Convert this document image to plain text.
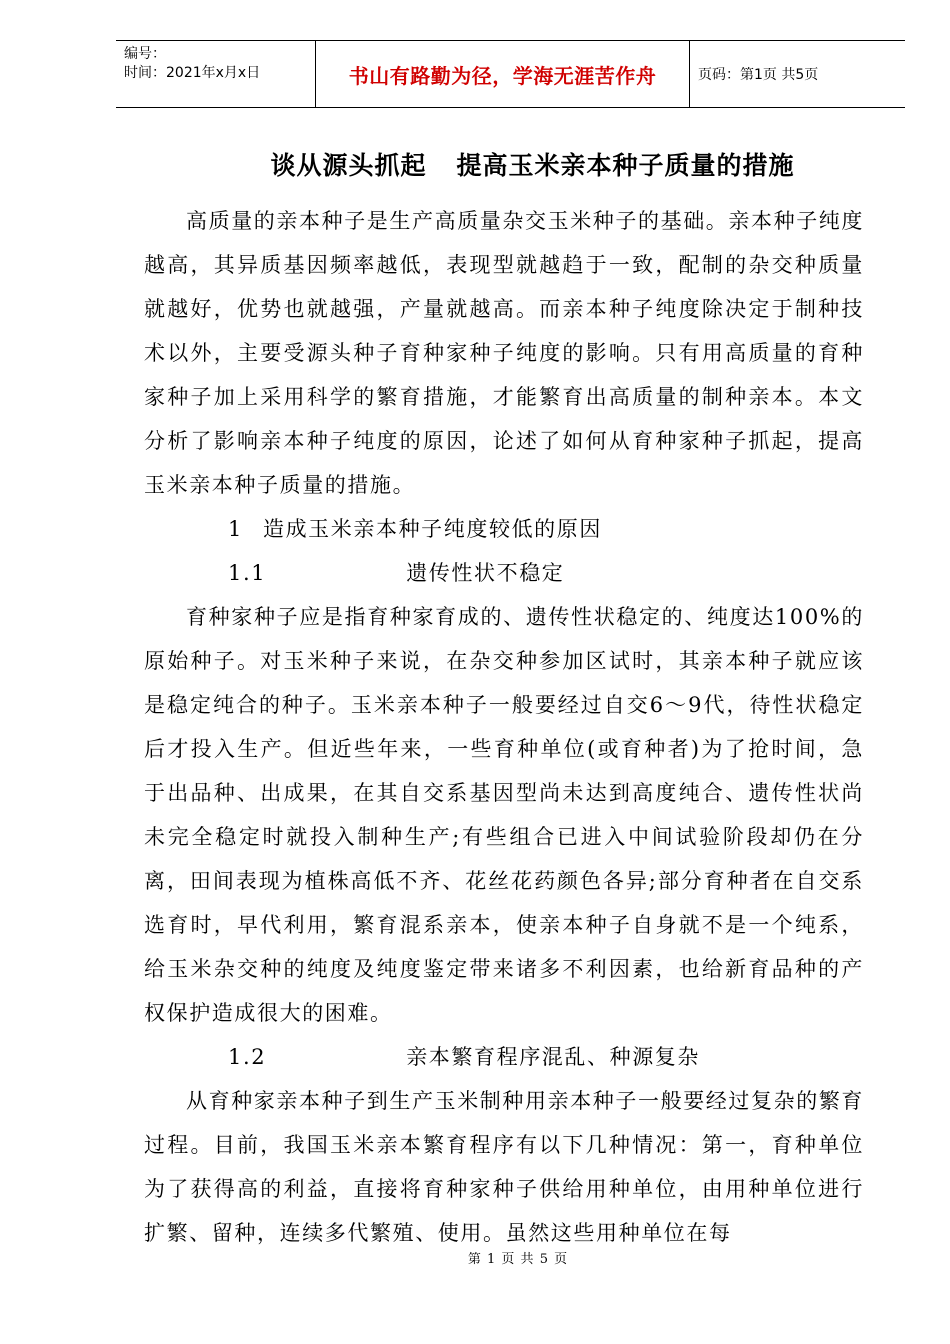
编号：
时间：2021年x月x日	书山有路勤为径，学海无涯苦作舟	页码：第1页 共5页
谈从源头抓起 提高玉米亲本种子质量的措施

高质量的亲本种子是生产高质量杂交玉米种子的基础。亲本种子纯度越高，其异质基因频率越低，表现型就越趋于一致，配制的杂交种质量就越好，优势也就越强，产量就越高。而亲本种子纯度除决定于制种技术以外，主要受源头种子育种家种子纯度的影响。只有用高质量的育种家种子加上采用科学的繁育措施，才能繁育出高质量的制种亲本。本文分析了影响亲本种子纯度的原因，论述了如何从育种家种子抓起，提高玉米亲本种子质量的措施。

1 造成玉米亲本种子纯度较低的原因

1.1	遗传性状不稳定

育种家种子应是指育种家育成的、遗传性状稳定的、纯度达100%的原始种子。对玉米种子来说，在杂交种参加区试时，其亲本种子就应该是稳定纯合的种子。玉米亲本种子一般要经过自交6～9代，待性状稳定后才投入生产。但近些年来，一些育种单位(或育种者)为了抢时间，急于出品种、出成果，在其自交系基因型尚未达到高度纯合、遗传性状尚未完全稳定时就投入制种生产;有些组合已进入中间试验阶段却仍在分离，田间表现为植株高低不齐、花丝花药颜色各异;部分育种者在自交系选育时，早代利用，繁育混系亲本，使亲本种子自身就不是一个纯系，给玉米杂交种的纯度及纯度鉴定带来诸多不利因素，也给新育品种的产权保护造成很大的困难。

1.2	亲本繁育程序混乱、种源复杂

从育种家亲本种子到生产玉米制种用亲本种子一般要经过复杂的繁育过程。目前，我国玉米亲本繁育程序有以下几种情况：第一，育种单位为了获得高的利益，直接将育种家种子供给用种单位，由用种单位进行扩繁、留种，连续多代繁殖、使用。虽然这些用种单位在每

第 1 页 共 5 页
